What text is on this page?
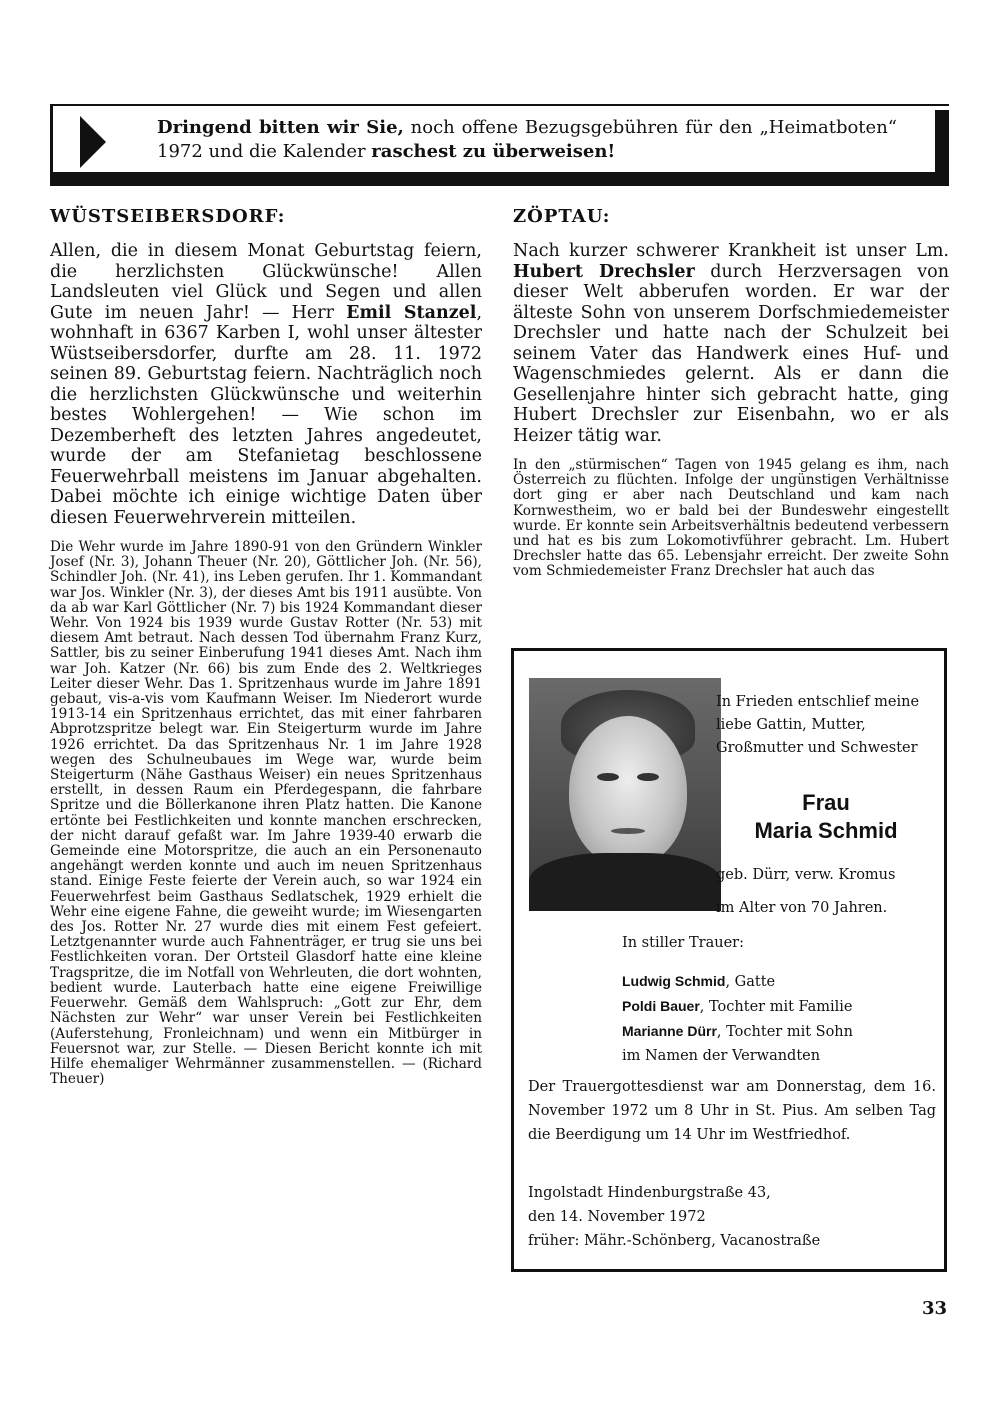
Dringend bitten wir Sie, noch offene Bezugsgebühren für den „Heimatboten“ 1972 und die Kalender raschest zu überweisen!
WÜSTSEIBERSDORF:

Allen, die in diesem Monat Geburtstag feiern, die herzlichsten Glückwünsche! Allen Landsleuten viel Glück und Segen und allen Gute im neuen Jahr! — Herr Emil Stanzel, wohnhaft in 6367 Karben I, wohl unser ältester Wüstseibersdorfer, durfte am 28. 11. 1972 seinen 89. Geburtstag feiern. Nachträglich noch die herzlichsten Glückwünsche und weiterhin bestes Wohlergehen! — Wie schon im Dezemberheft des letzten Jahres angedeutet, wurde der am Stefanietag beschlossene Feuerwehrball meistens im Januar abgehalten. Dabei möchte ich einige wichtige Daten über diesen Feuerwehrverein mitteilen.

Die Wehr wurde im Jahre 1890-91 von den Gründern Winkler Josef (Nr. 3), Johann Theuer (Nr. 20), Göttlicher Joh. (Nr. 56), Schindler Joh. (Nr. 41), ins Leben gerufen. Ihr 1. Kommandant war Jos. Winkler (Nr. 3), der dieses Amt bis 1911 ausübte. Von da ab war Karl Göttlicher (Nr. 7) bis 1924 Kommandant dieser Wehr. Von 1924 bis 1939 wurde Gustav Rotter (Nr. 53) mit diesem Amt betraut. Nach dessen Tod übernahm Franz Kurz, Sattler, bis zu seiner Einberufung 1941 dieses Amt. Nach ihm war Joh. Katzer (Nr. 66) bis zum Ende des 2. Weltkrieges Leiter dieser Wehr. Das 1. Spritzenhaus wurde im Jahre 1891 gebaut, vis-a-vis vom Kaufmann Weiser. Im Niederort wurde 1913-14 ein Spritzenhaus errichtet, das mit einer fahrbaren Abprotzspritze belegt war. Ein Steigerturm wurde im Jahre 1926 errichtet. Da das Spritzenhaus Nr. 1 im Jahre 1928 wegen des Schulneubaues im Wege war, wurde beim Steigerturm (Nähe Gasthaus Weiser) ein neues Spritzenhaus erstellt, in dessen Raum ein Pferdegespann, die fahrbare Spritze und die Böllerkanone ihren Platz hatten. Die Kanone ertönte bei Festlichkeiten und konnte manchen erschrecken, der nicht darauf gefaßt war. Im Jahre 1939-40 erwarb die Gemeinde eine Motorspritze, die auch an ein Personenauto angehängt werden konnte und auch im neuen Spritzenhaus stand. Einige Feste feierte der Verein auch, so war 1924 ein Feuerwehrfest beim Gasthaus Sedlatschek, 1929 erhielt die Wehr eine eigene Fahne, die geweiht wurde; im Wiesengarten des Jos. Rotter Nr. 27 wurde dies mit einem Fest gefeiert. Letztgenannter wurde auch Fahnenträger, er trug sie uns bei Festlichkeiten voran. Der Ortsteil Glasdorf hatte eine kleine Tragspritze, die im Notfall von Wehrleuten, die dort wohnten, bedient wurde. Lauterbach hatte eine eigene Freiwillige Feuerwehr. Gemäß dem Wahlspruch: „Gott zur Ehr, dem Nächsten zur Wehr“ war unser Verein bei Festlichkeiten (Auferstehung, Fronleichnam) und wenn ein Mitbürger in Feuersnot war, zur Stelle. — Diesen Bericht konnte ich mit Hilfe ehemaliger Wehrmänner zusammenstellen. — (Richard Theuer)

ZÖPTAU:

Nach kurzer schwerer Krankheit ist unser Lm. Hubert Drechsler durch Herzversagen von dieser Welt abberufen worden. Er war der älteste Sohn von unserem Dorfschmiedemeister Drechsler und hatte nach der Schulzeit bei seinem Vater das Handwerk eines Huf- und Wagenschmiedes gelernt. Als er dann die Gesellenjahre hinter sich gebracht hatte, ging Hubert Drechsler zur Eisenbahn, wo er als Heizer tätig war.

In den „stürmischen“ Tagen von 1945 gelang es ihm, nach Österreich zu flüchten. Infolge der ungünstigen Verhältnisse dort ging er aber nach Deutschland und kam nach Kornwestheim, wo er bald bei der Bundeswehr eingestellt wurde. Er konnte sein Arbeitsverhältnis bedeutend verbessern und hat es bis zum Lokomotivführer gebracht. Lm. Hubert Drechsler hatte das 65. Lebensjahr erreicht. Der zweite Sohn vom Schmiedemeister Franz Drechsler hat auch das

In Frieden entschlief meine liebe Gattin, Mutter, Großmutter und Schwester
Frau
Maria Schmid
geb. Dürr, verw. Kromus
im Alter von 70 Jahren.
In stiller Trauer:
Ludwig Schmid, Gatte
Poldi Bauer, Tochter mit Familie
Marianne Dürr, Tochter mit Sohn
im Namen der Verwandten
Der Trauergottesdienst war am Donnerstag, dem 16. November 1972 um 8 Uhr in St. Pius. Am selben Tag die Beerdigung um 14 Uhr im Westfriedhof.
Ingolstadt Hindenburgstraße 43,
den 14. November 1972
früher: Mähr.-Schönberg, Vacanostraße
33
